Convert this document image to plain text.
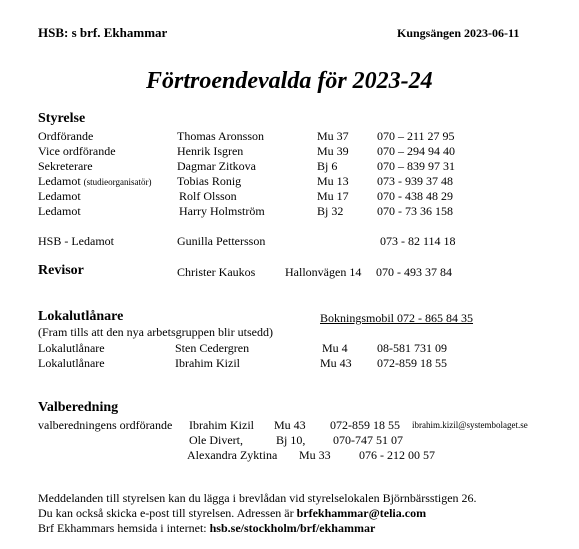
HSB: s brf. Ekhammar	Kungsängen 2023-06-11
Förtroendevalda för 2023-24
Styrelse
Ordförande	Thomas Aronsson	Mu 37 070 – 211 27 95
Vice ordförande	Henrik Isgren	Mu 39 070 – 294 94 40
Sekreterare	Dagmar Zitkova	Bj 6	070 – 839 97 31
Ledamot (studieorganisatör) Tobias Ronig	Mu 13 073 - 939 37 48
Ledamot	Rolf Olsson	Mu 17 070 - 438 48 29
Ledamot	Harry Holmström	Bj 32	070 - 73 36 158
HSB - Ledamot	Gunilla Pettersson	073 - 82 114 18
Revisor	Christer Kaukos Hallonvägen 14 070 - 493 37 84
Lokalutlånare	Bokningsmobil 072 - 865 84 35
(Fram tills att den nya arbetsgruppen blir utsedd)
Lokalutlånare	Sten Cedergren	Mu 4 08-581 731 09
Lokalutlånare	Ibrahim Kizil	Mu 43 072-859 18 55
Valberedning
valberedningens ordförande Ibrahim Kizil Mu 43 072-859 18 55 ibrahim.kizil@systembolaget.se
Ole Divert,	Bj 10, 070-747 51 07
Alexandra Zyktina Mu 33 076 - 212 00 57
Meddelanden till styrelsen kan du lägga i brevlådan vid styrelselokalen Björnbärsstigen 26.
Du kan också skicka e-post till styrelsen. Adressen är brfekhammar@telia.com
Brf Ekhammars hemsida i internet: hsb.se/stockholm/brf/ekhammar
